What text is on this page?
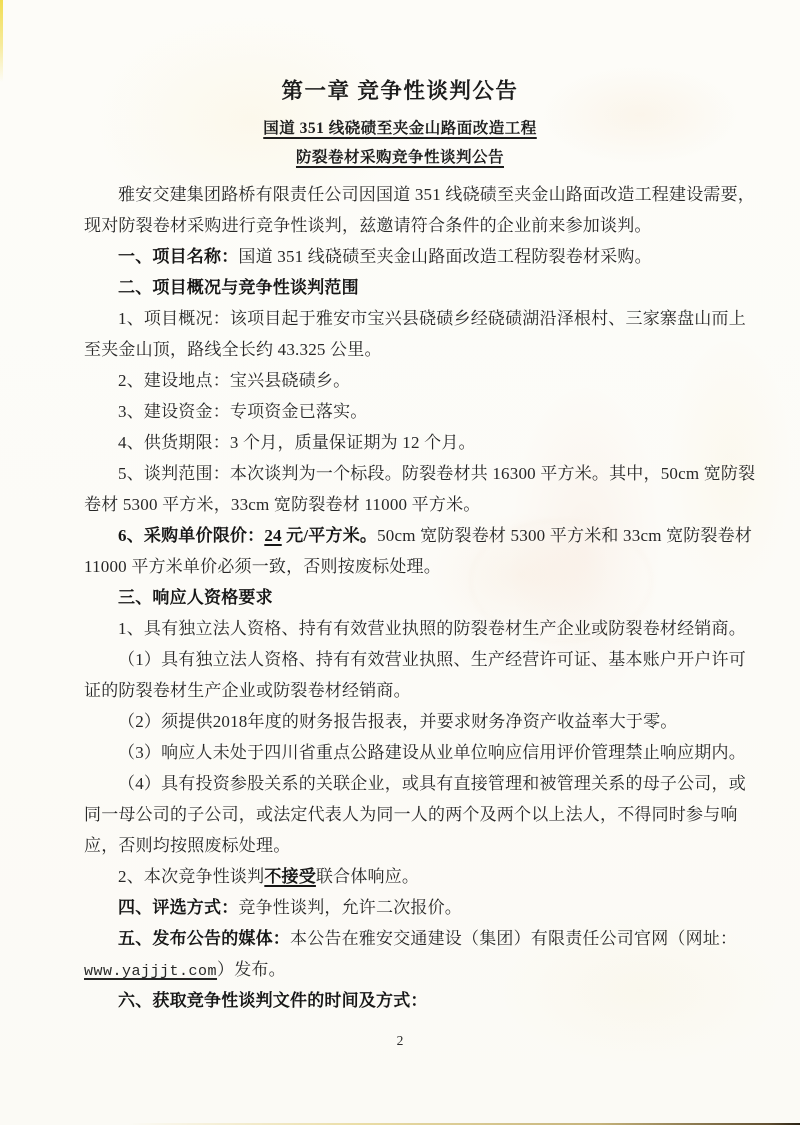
第一章 竞争性谈判公告
国道 351 线硗碛至夹金山路面改造工程
防裂卷材采购竞争性谈判公告

雅安交建集团路桥有限责任公司因国道 351 线硗碛至夹金山路面改造工程建设需要，

现对防裂卷材采购进行竞争性谈判，兹邀请符合条件的企业前来参加谈判。

一、项目名称：国道 351 线硗碛至夹金山路面改造工程防裂卷材采购。

二、项目概况与竞争性谈判范围

1、项目概况：该项目起于雅安市宝兴县硗碛乡经硗碛湖沿泽根村、三家寨盘山而上

至夹金山顶，路线全长约 43.325 公里。

2、建设地点：宝兴县硗碛乡。

3、建设资金：专项资金已落实。

4、供货期限：3 个月，质量保证期为 12 个月。

5、谈判范围：本次谈判为一个标段。防裂卷材共 16300 平方米。其中，50cm 宽防裂

卷材 5300 平方米，33cm 宽防裂卷材 11000 平方米。

6、采购单价限价：24 元/平方米。50cm 宽防裂卷材 5300 平方米和 33cm 宽防裂卷材

11000 平方米单价必须一致，否则按废标处理。

三、响应人资格要求

1、具有独立法人资格、持有有效营业执照的防裂卷材生产企业或防裂卷材经销商。

（1）具有独立法人资格、持有有效营业执照、生产经营许可证、基本账户开户许可

证的防裂卷材生产企业或防裂卷材经销商。

（2）须提供2018年度的财务报告报表，并要求财务净资产收益率大于零。

（3）响应人未处于四川省重点公路建设从业单位响应信用评价管理禁止响应期内。

（4）具有投资参股关系的关联企业，或具有直接管理和被管理关系的母子公司，或

同一母公司的子公司，或法定代表人为同一人的两个及两个以上法人，不得同时参与响

应，否则均按照废标处理。

2、本次竞争性谈判不接受联合体响应。

四、评选方式：竞争性谈判，允许二次报价。

五、发布公告的媒体：本公告在雅安交通建设（集团）有限责任公司官网（网址：

www.yajjjt.com）发布。

六、获取竞争性谈判文件的时间及方式：

2
